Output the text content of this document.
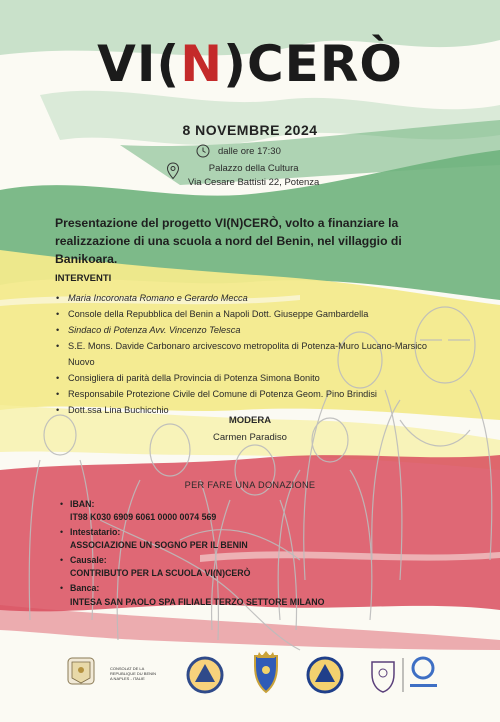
VI(N)CERÒ
8 NOVEMBRE 2024
dalle ore 17:30
Palazzo della Cultura
Via Cesare Battisti 22, Potenza
Presentazione del progetto VI(N)CERÒ, volto a finanziare la realizzazione di una scuola a nord del Benin, nel villaggio di Banikoara.
INTERVENTI
• Maria Incoronata Romano e Gerardo Mecca
• Console della Repubblica del Benin a Napoli Dott. Giuseppe Gambardella
• Sindaco di Potenza Avv. Vincenzo Telesca
• S.E. Mons. Davide Carbonaro arcivescovo metropolita di Potenza-Muro Lucano-Marsico Nuovo
• Consigliera di parità della Provincia di Potenza Simona Bonito
• Responsabile Protezione Civile del Comune di Potenza Geom. Pino Brindisi
• Dott.ssa Lina Buchicchio
MODERA
Carmen Paradiso
PER FARE UNA DONAZIONE
• IBAN:
IT98 K030 6909 6061 0000 0074 569
• Intestatario:
ASSOCIAZIONE UN SOGNO PER IL BENIN
• Causale:
CONTRIBUTO PER LA SCUOLA VI(N)CERÒ
• Banca:
INTESA SAN PAOLO SPA FILIALE TERZO SETTORE MILANO
CONSOLAT DE LA
REPUBLIQUE DU BENIN
A NAPLES - ITALIE
